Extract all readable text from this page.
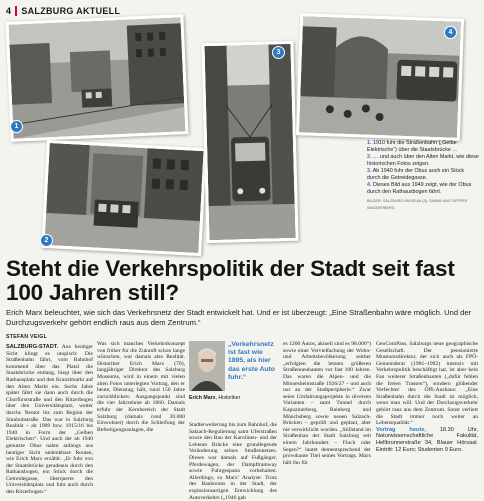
4 SALZBURG AKTUELL
1
2
3
4
1. 1910 fuhr die Straßenbahn („Gelbe Elektrische“) über die Staatsbrücke …
2. … und auch über den Alten Markt, wie diese historischen Fotos zeigen.
3. Ab 1940 fuhr der Obus auch ein Stück durch die Getreidegasse.
4. Dieses Bild aus 1949 zeigt, wie der Obus durch den Rathausbogen fährt.
BILDER: SALZBURG MUSEUM (3), SAMMLUNG SEPPER WAGNERBERG
Steht die Verkehrspolitik der Stadt seit fast 100 Jahren still?
Erich Marx beleuchtet, wie sich das Verkehrsnetz der Stadt entwickelt hat. Und er ist überzeugt: „Eine Straßenbahn wäre möglich. Und der Durchzugsverkehr gehört endlich raus aus dem Zentrum.“
STEFAN VEIGL

SALZBURG-STADT. Aus heutiger Sicht klingt es utopisch: Die Straßenbahn fährt, vom Bahnhof kommend über das Platzl die Staatsbrücke entlang, biegt über den Rathausplatz und den Kranzlmarkt auf den Alten Markt ein. Sechs Jahre später fährt sie dann auch durch die Churfürststraße und den Ritzerbogen über den Universitätsplatz, weiter durchs Neutor bis zum Beginn der Sinnhubstraße. Das war in Salzburg Realität – ab 1909 bzw. 1915/16 bis 1940 in Form der „Gelben Elektrischen“. Und auch der ab 1940 genutzte Obus nahm anfangs aus heutiger Sicht undenkbare Routen, wie Erich Marx erzählt: „Er fuhr von der Staatsbrücke geradeaus durch den Rathausbogen, ein Stück durch die Getreidegasse, überquerte den Universitätsplatz und fuhr auch durch den Ritzerbogen.“

Was sich manches Verkehrskonzept von früher für die Zukunft schon lange wünschen, war damals also Realität. Historiker Erich Marx (70), langjähriger Direktor des Salzburg Museums, wird in einem mit vielen alten Fotos unterlegten Vortrag, den er heute, Dienstag, hält, rund 150 Jahre zurückblicken: Ausgangspunkt sind die vier Jahrzehnte ab 1860. Damals erfuhr der Kernbereich der Stadt Salzburg (damals rund 20.000 Einwohner) durch die Schleifung der Befestigungsanlagen, die

„Verkehrsnetz ist fast wie 1895, als hier das erste Auto fuhr.“
Erich Marx, Historiker

Stadterweiterung bis zum Bahnhof, die Salzach-Regulierung samt Uferstraßen sowie den Bau der Karolinen- und der Lehener Brücke eine grundlegende Veränderung seines Straßennetzes. Dieses war damals auf Fußgänger, Pferdewagen, der Dampftramway sowie Fuhrgespann vorbehalten. Allerdings, so Marx’ Analyse: Trotz des Baubooms in der Stadt, der explosionsartigen Entwicklung des Autoverkehrs („1946 gab

es 1200 Autos, aktuell sind es 98.000“) sowie einer Vervielfachung der Wohn- und Arbeitsbevölkerung seither „erfolgten die letzten größeren Straßenneubauten vor fast 100 Jahren. Das waren die Alpen- und die Minnesheimstraße 1926/27 – und auch nur an der Stadtperipherie.“ Zwar seien Umfahrungsprojekte in diversen Varianten – samt Tunnel durch Kapuzinerberg, Rainberg und Mönchsberg sowie neuen Salzach-Brücken – geprüft und geplant, aber nie verwirklicht worden. „Stillstand im Straßenbau der Stadt Salzburg seit einem Jahrhundert – Fluch oder Segen?“ lautet dementsprechend der provokante Titel seines Vortrags. Marx hält ihn für

GeoComPass, Salzburgs neue geographische Gesellschaft. Der pensionierte Museumsdirektor, der sich auch als FPÖ-Gemeinderat (1981–1992) intensiv mit Verkehrspolitik beschäftigt hat, ist aber kein Fan weiterer Straßenbauten („dafür fehlen die freien Trassen“), sondern glühender Verfechter des Öffi-Ausbaus: „Eine Straßenbahn durch die Stadt ist möglich, wenn man will. Und der Durchzugsverkehr gehört raus aus dem Zentrum. Sonst verliert die Stadt immer noch weiter an Lebensqualität.“

Vortrag heute, 18.30 Uhr, Naturwissenschaftliche Fakultät, Hellbrunnerstraße 34, Blauer Hörsaal. Eintritt: 12 Euro; Studenten 9 Euro.
